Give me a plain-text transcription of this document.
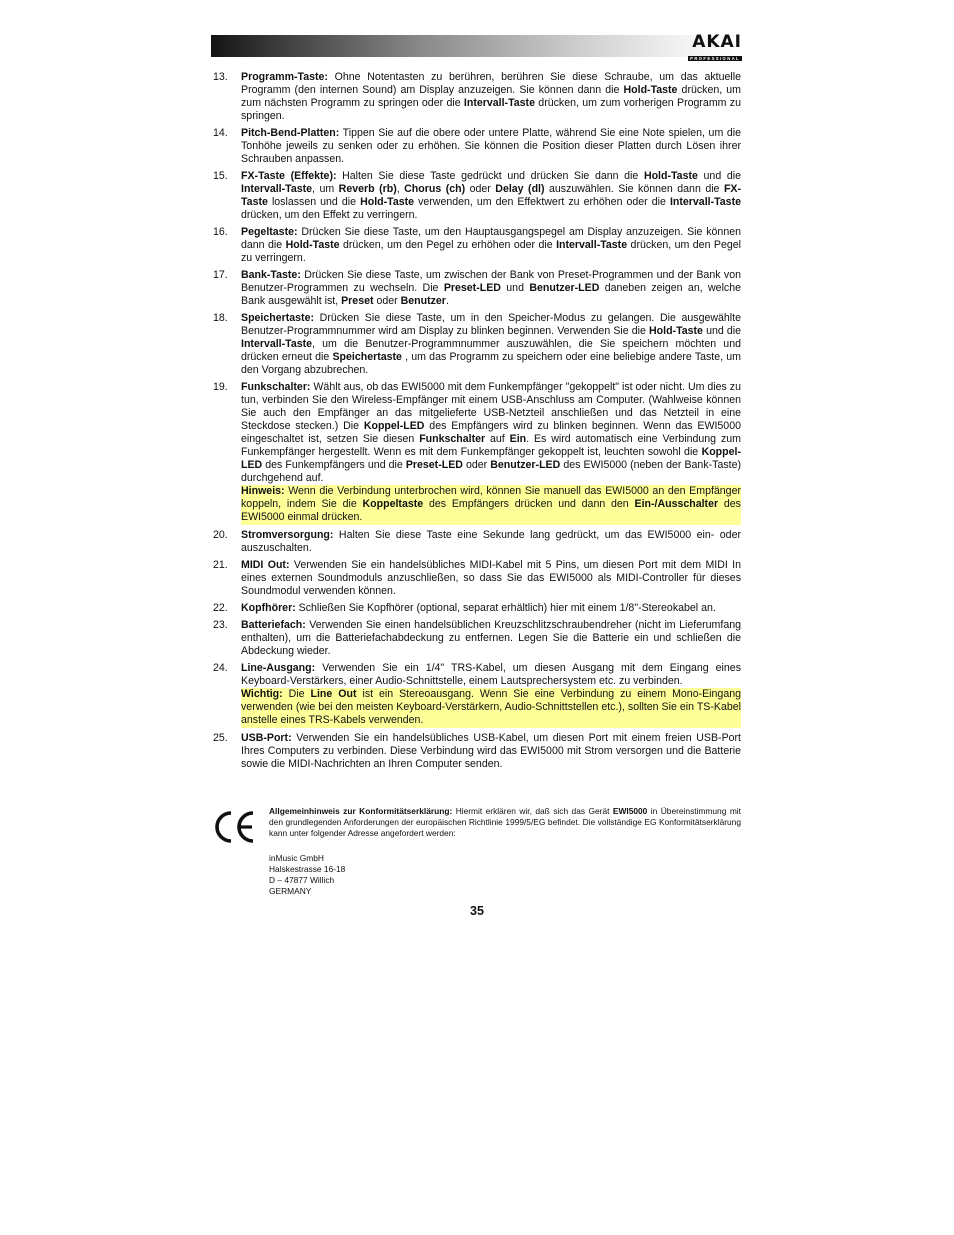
AKAI
PROFESSIONAL
13. Programm-Taste: Ohne Notentasten zu berühren, berühren Sie diese Schraube, um das aktuelle Programm (den internen Sound) am Display anzuzeigen. Sie können dann die Hold-Taste drücken, um zum nächsten Programm zu springen oder die Intervall-Taste drücken, um zum vorherigen Programm zu springen.

14. Pitch-Bend-Platten: Tippen Sie auf die obere oder untere Platte, während Sie eine Note spielen, um die Tonhöhe jeweils zu senken oder zu erhöhen. Sie können die Position dieser Platten durch Lösen ihrer Schrauben anpassen.

15. FX-Taste (Effekte): Halten Sie diese Taste gedrückt und drücken Sie dann die Hold-Taste und die Intervall-Taste, um Reverb (rb), Chorus (ch) oder Delay (dl) auszuwählen. Sie können dann die FX-Taste loslassen und die Hold-Taste verwenden, um den Effektwert zu erhöhen oder die Intervall-Taste drücken, um den Effekt zu verringern.

16. Pegeltaste: Drücken Sie diese Taste, um den Hauptausgangspegel am Display anzuzeigen. Sie können dann die Hold-Taste drücken, um den Pegel zu erhöhen oder die Intervall-Taste drücken, um den Pegel zu verringern.

17. Bank-Taste: Drücken Sie diese Taste, um zwischen der Bank von Preset-Programmen und der Bank von Benutzer-Programmen zu wechseln. Die Preset-LED und Benutzer-LED daneben zeigen an, welche Bank ausgewählt ist, Preset oder Benutzer.

18. Speichertaste: Drücken Sie diese Taste, um in den Speicher-Modus zu gelangen. Die ausgewählte Benutzer-Programmnummer wird am Display zu blinken beginnen. Verwenden Sie die Hold-Taste und die Intervall-Taste, um die Benutzer-Programmnummer auszuwählen, die Sie speichern möchten und drücken erneut die Speichertaste , um das Programm zu speichern oder eine beliebige andere Taste, um den Vorgang abzubrechen.

19. Funkschalter: Wählt aus, ob das EWI5000 mit dem Funkempfänger "gekoppelt" ist oder nicht. Um dies zu tun, verbinden Sie den Wireless-Empfänger mit einem USB-Anschluss am Computer. (Wahlweise können Sie auch den Empfänger an das mitgelieferte USB-Netzteil anschließen und das Netzteil in eine Steckdose stecken.) Die Koppel-LED des Empfängers wird zu blinken beginnen. Wenn das EWI5000 eingeschaltet ist, setzen Sie diesen Funkschalter auf Ein. Es wird automatisch eine Verbindung zum Funkempfänger hergestellt. Wenn es mit dem Funkempfänger gekoppelt ist, leuchten sowohl die Koppel-LED des Funkempfängers und die Preset-LED oder Benutzer-LED des EWI5000 (neben der Bank-Taste) durchgehend auf.

Hinweis: Wenn die Verbindung unterbrochen wird, können Sie manuell das EWI5000 an den Empfänger koppeln, indem Sie die Koppeltaste des Empfängers drücken und dann den Ein-/Ausschalter des EWI5000 einmal drücken.

20. Stromversorgung: Halten Sie diese Taste eine Sekunde lang gedrückt, um das EWI5000 ein- oder auszuschalten.

21. MIDI Out: Verwenden Sie ein handelsübliches MIDI-Kabel mit 5 Pins, um diesen Port mit dem MIDI In eines externen Soundmoduls anzuschließen, so dass Sie das EWI5000 als MIDI-Controller für dieses Soundmodul verwenden können.

22. Kopfhörer: Schließen Sie Kopfhörer (optional, separat erhältlich) hier mit einem 1/8"-Stereokabel an.

23. Batteriefach: Verwenden Sie einen handelsüblichen Kreuzschlitzschraubendreher (nicht im Lieferumfang enthalten), um die Batteriefachabdeckung zu entfernen. Legen Sie die Batterie ein und schließen die Abdeckung wieder.

24. Line-Ausgang: Verwenden Sie ein 1/4" TRS-Kabel, um diesen Ausgang mit dem Eingang eines Keyboard-Verstärkers, einer Audio-Schnittstelle, einem Lautsprechersystem etc. zu verbinden.

Wichtig: Die Line Out ist ein Stereoausgang. Wenn Sie eine Verbindung zu einem Mono-Eingang verwenden (wie bei den meisten Keyboard-Verstärkern, Audio-Schnittstellen etc.), sollten Sie ein TS-Kabel anstelle eines TRS-Kabels verwenden.

25. USB-Port: Verwenden Sie ein handelsübliches USB-Kabel, um diesen Port mit einem freien USB-Port Ihres Computers zu verbinden. Diese Verbindung wird das EWI5000 mit Strom versorgen und die Batterie sowie die MIDI-Nachrichten an Ihren Computer senden.

Allgemeinhinweis zur Konformitätserklärung: Hiermit erklären wir, daß sich das Gerät EWI5000 in Übereinstimmung mit den grundlegenden Anforderungen der europäischen Richtlinie 1999/5/EG befindet. Die vollständige EG Konformitätserklärung kann unter folgender Adresse angefordert werden:

inMusic GmbH
Halskestrasse 16-18
D – 47877 Willich
GERMANY

35
